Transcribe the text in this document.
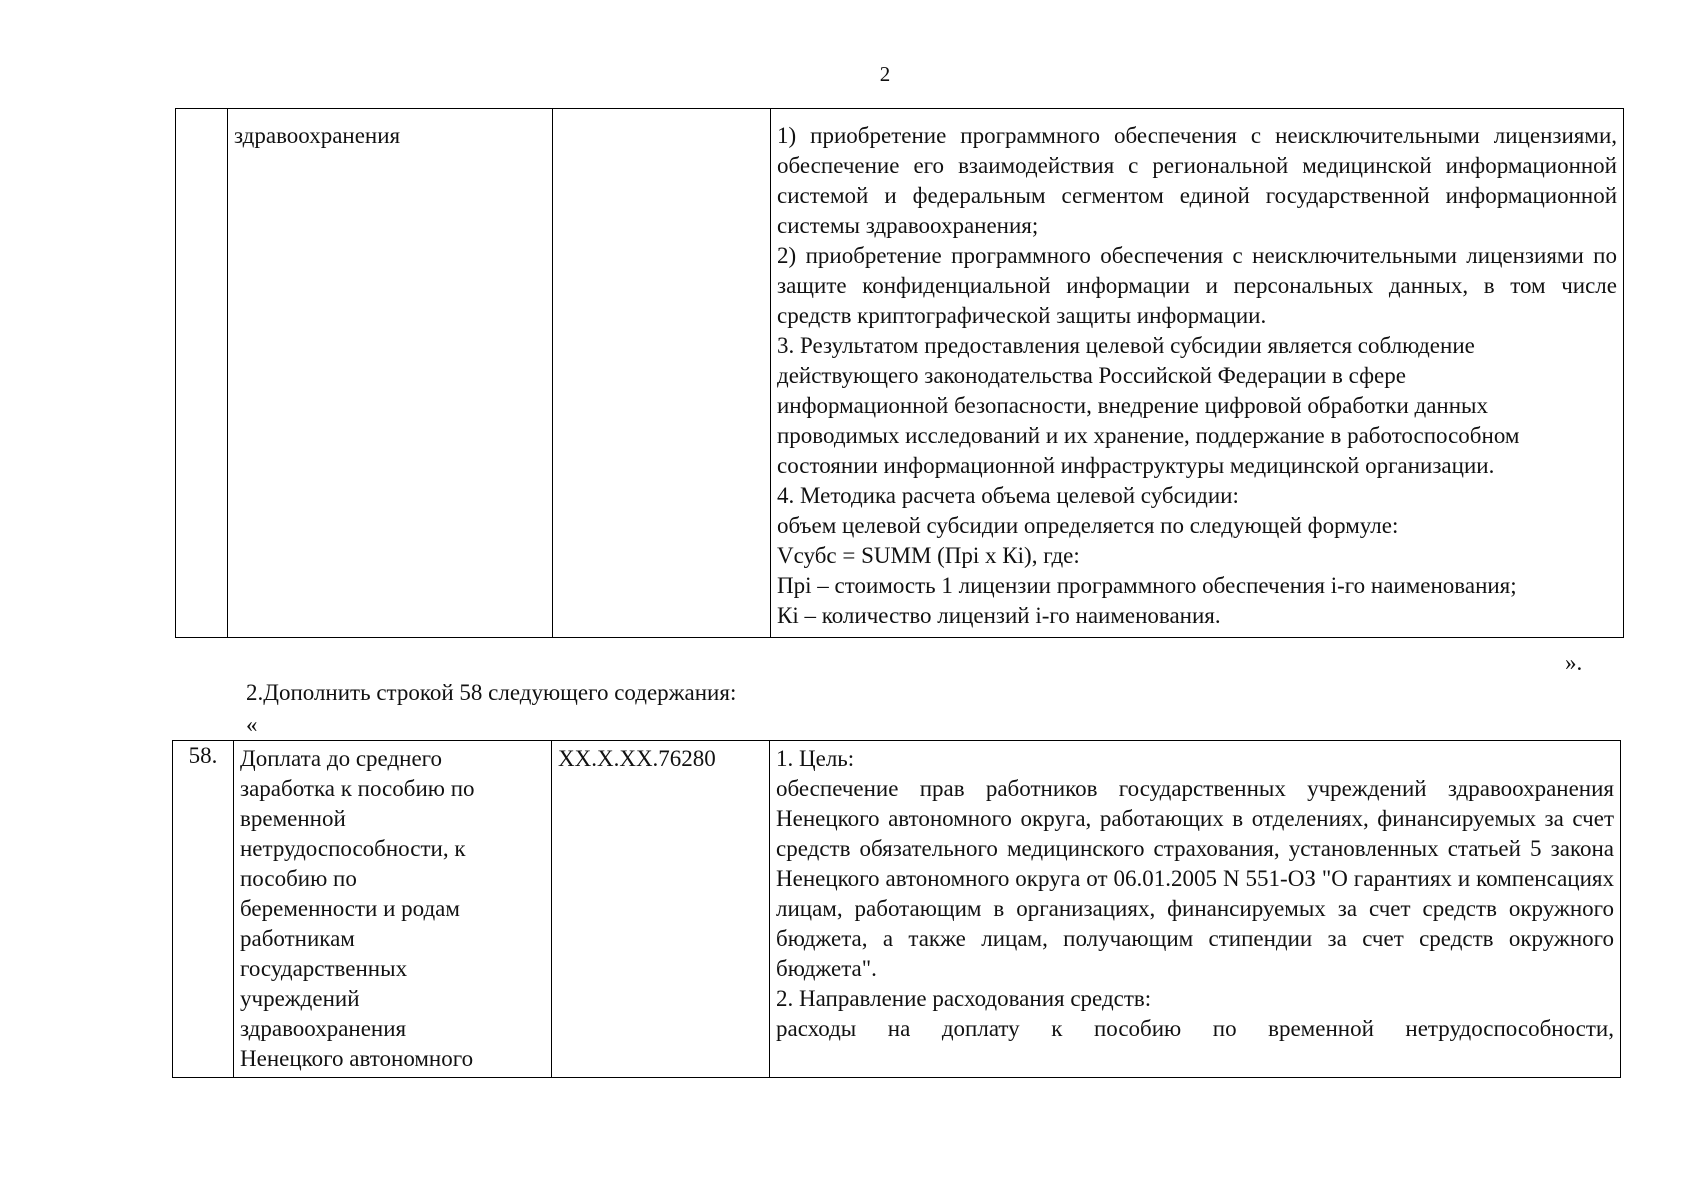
2
	здравоохранения		1) приобретение программного обеспечения с неисключительными лицензиями, обеспечение его взаимодействия с региональной медицинской информационной системой и федеральным сегментом единой государственной информационной системы здравоохранения;

2) приобретение программного обеспечения с неисключительными лицензиями по защите конфиденциальной информации и персональных данных, в том числе средств криптографической защиты информации.

3. Результатом предоставления целевой субсидии является соблюдение

действующего законодательства Российской Федерации в сфере

информационной безопасности, внедрение цифровой обработки данных

проводимых исследований и их хранение, поддержание в работоспособном

состоянии информационной инфраструктуры медицинской организации.

4. Методика расчета объема целевой субсидии:

объем целевой субсидии определяется по следующей формуле:

Vсубс = SUMM (Прi x Кi), где:

Прi – стоимость 1 лицензии программного обеспечения i-го наименования;

Кi – количество лицензий i-го наименования.

».
2.Дополнить строкой 58 следующего содержания:
«
58.	Доплата до среднего
заработка к пособию по
временной
нетрудоспособности, к
пособию по
беременности и родам
работникам
государственных
учреждений
здравоохранения
Ненецкого автономного
	XX.X.XX.76280	1. Цель:

обеспечение прав работников государственных учреждений здравоохранения Ненецкого автономного округа, работающих в отделениях, финансируемых за счет средств обязательного медицинского страхования, установленных статьей 5 закона Ненецкого автономного округа от 06.01.2005 N 551-ОЗ "О гарантиях и компенсациях лицам, работающим в организациях, финансируемых за счет средств окружного бюджета, а также лицам, получающим стипендии за счет средств окружного бюджета".

2. Направление расходования средств:

расходы на доплату к пособию по временной нетрудоспособности,
